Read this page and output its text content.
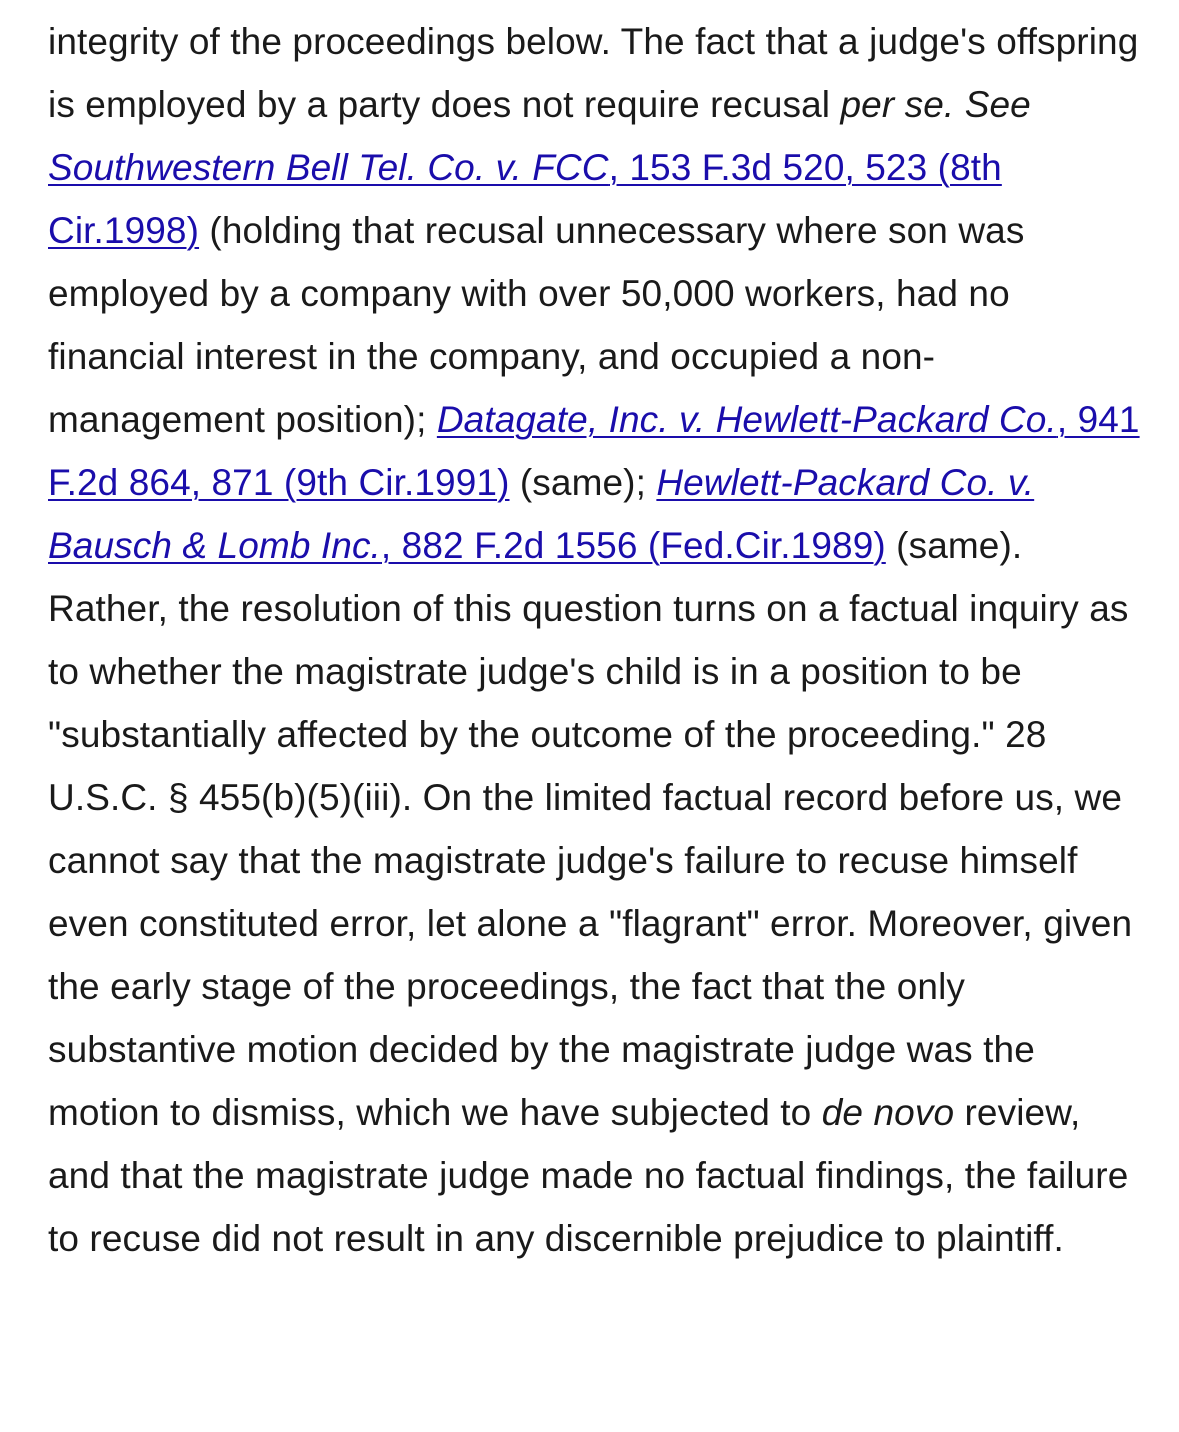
integrity of the proceedings below. The fact that a judge's offspring is employed by a party does not require recusal per se. See Southwestern Bell Tel. Co. v. FCC, 153 F.3d 520, 523 (8th Cir.1998) (holding that recusal unnecessary where son was employed by a company with over 50,000 workers, had no financial interest in the company, and occupied a non-management position); Datagate, Inc. v. Hewlett-Packard Co., 941 F.2d 864, 871 (9th Cir.1991) (same); Hewlett-Packard Co. v. Bausch & Lomb Inc., 882 F.2d 1556 (Fed.Cir.1989) (same). Rather, the resolution of this question turns on a factual inquiry as to whether the magistrate judge's child is in a position to be "substantially affected by the outcome of the proceeding." 28 U.S.C. § 455(b)(5)(iii). On the limited factual record before us, we cannot say that the magistrate judge's failure to recuse himself even constituted error, let alone a "flagrant" error. Moreover, given the early stage of the proceedings, the fact that the only substantive motion decided by the magistrate judge was the motion to dismiss, which we have subjected to de novo review, and that the magistrate judge made no factual findings, the failure to recuse did not result in any discernible prejudice to plaintiff.
